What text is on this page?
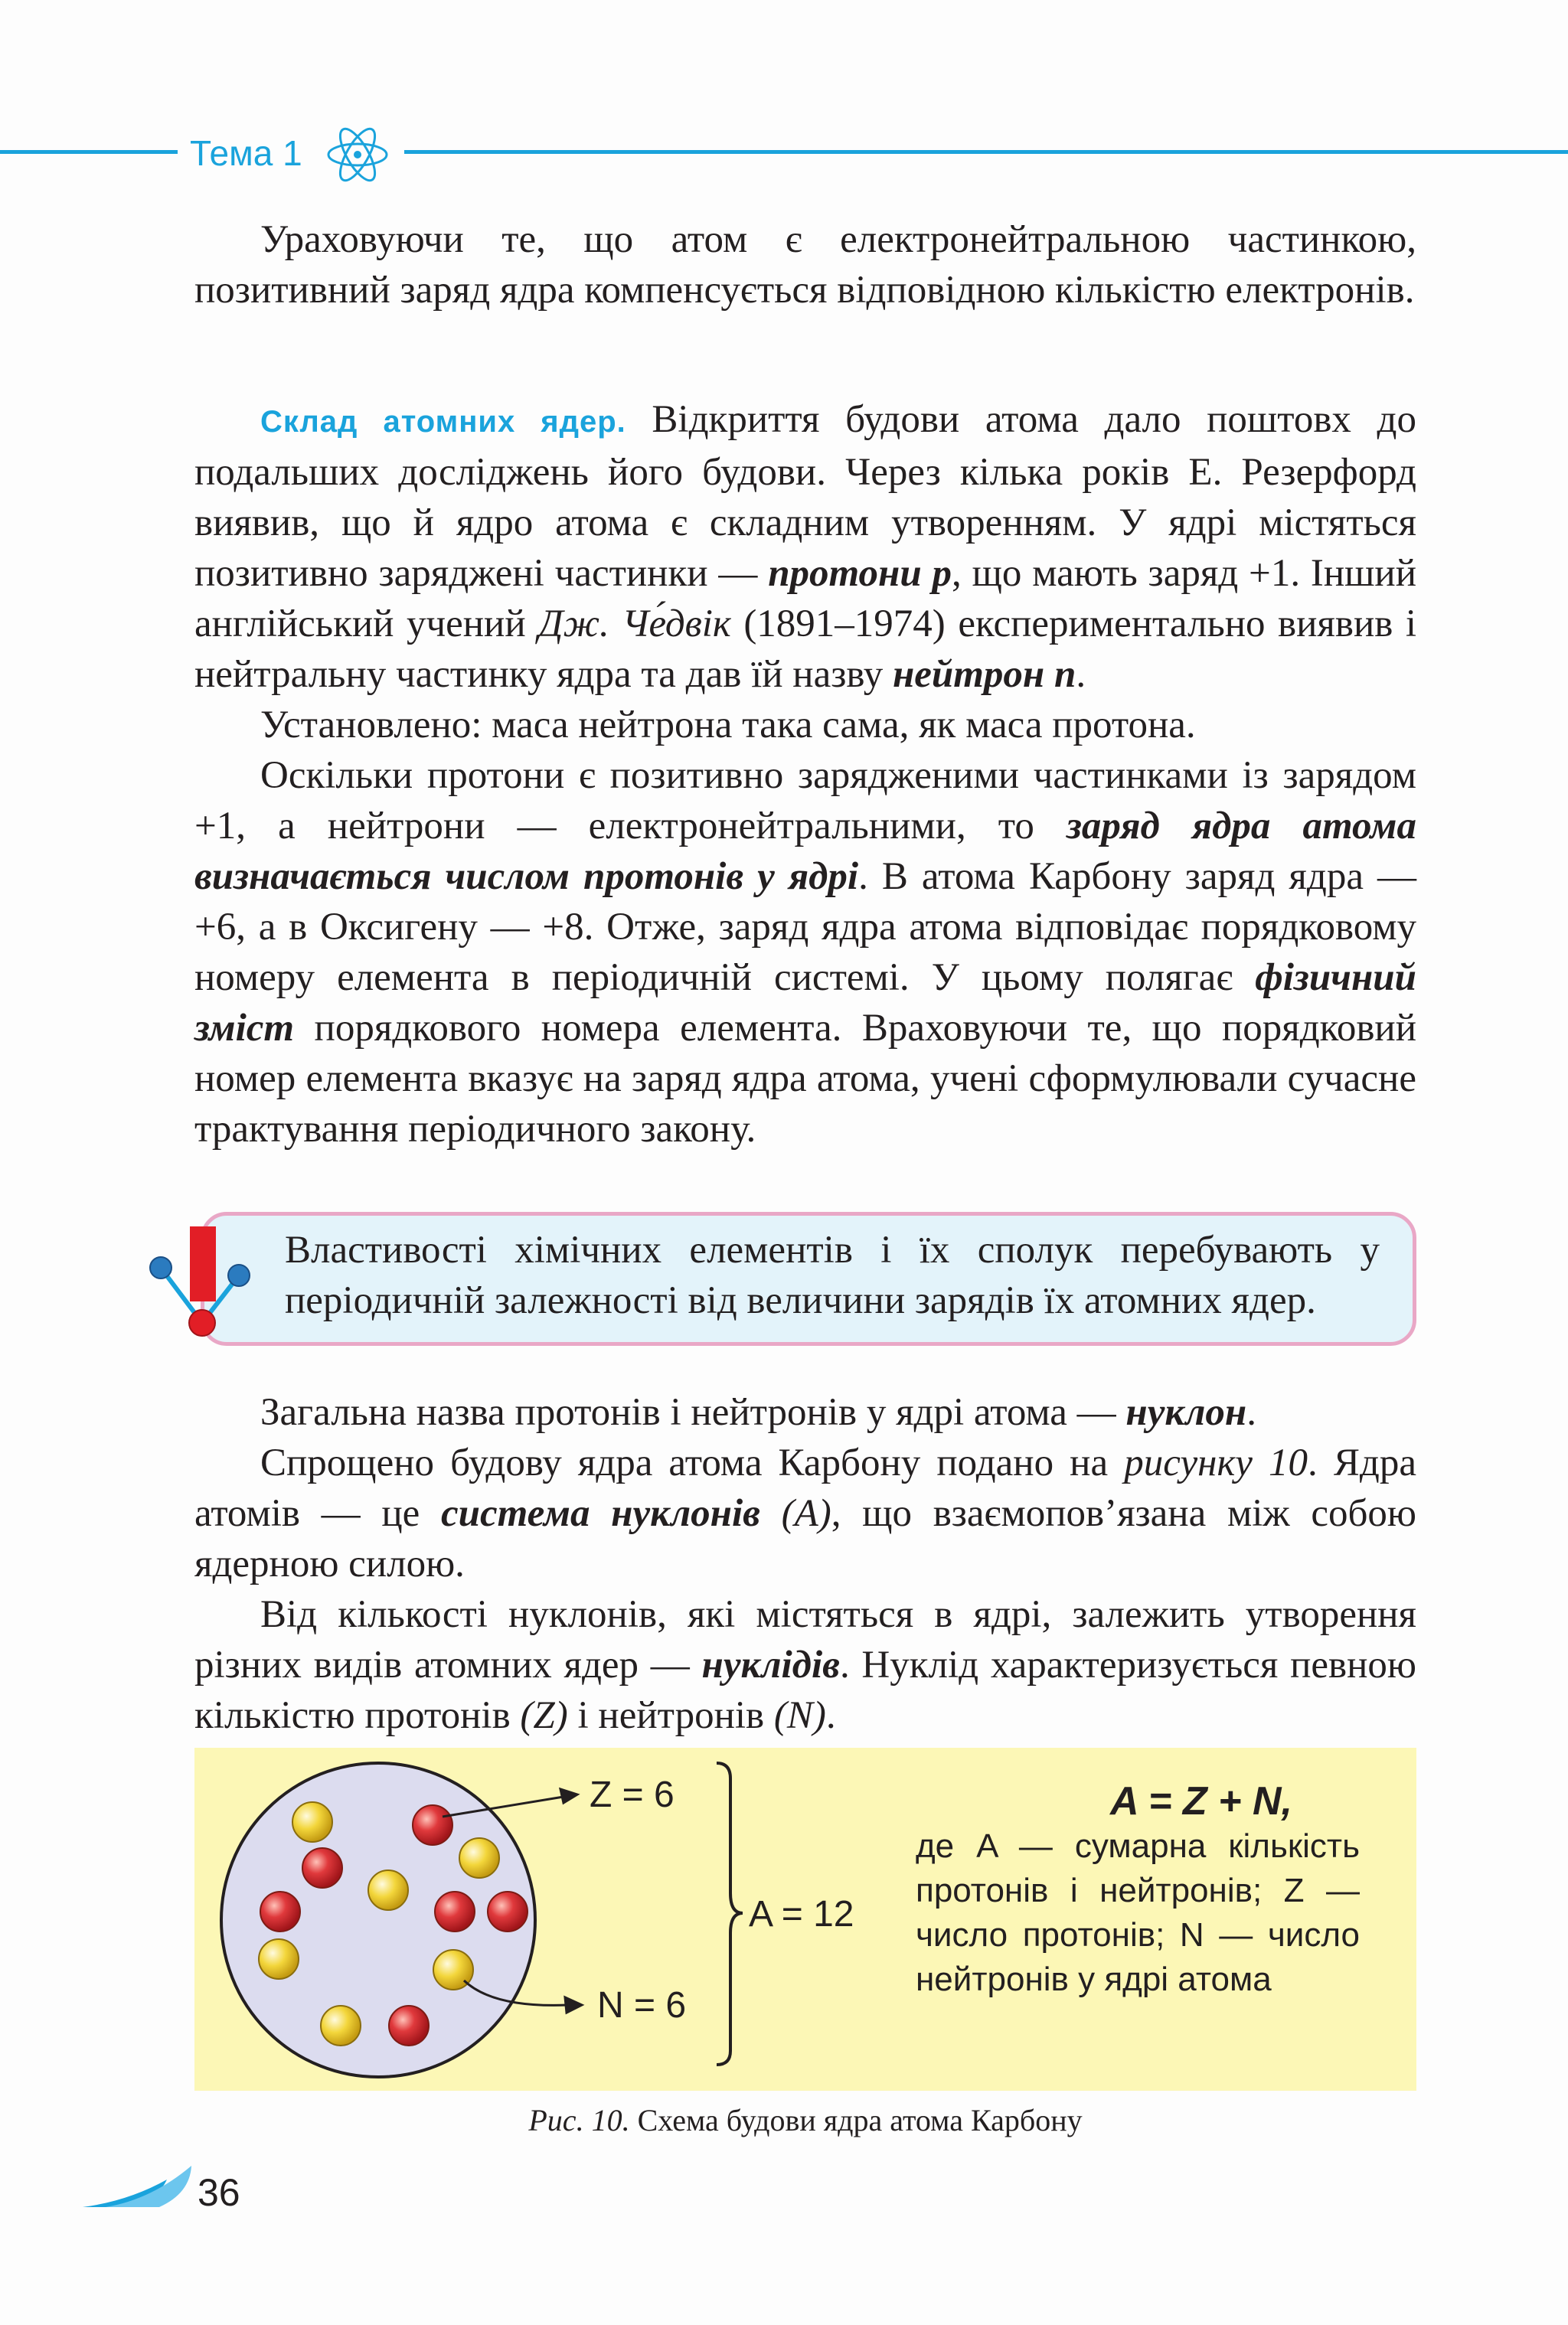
Тема 1

Ураховуючи те, що атом є електронейтральною частинкою, позитивний заряд ядра компенсується відповідною кількістю електронів.

Склад атомних ядер. Відкриття будови атома дало поштовх до подальших досліджень його будови. Через кілька років Е. Резерфорд виявив, що й ядро атома є складним утворенням. У ядрі містяться позитивно заряджені частинки — протони p, що мають заряд +1. Інший англійський учений Дж. Че́двік (1891–1974) експериментально виявив і нейтральну частинку ядра та дав їй назву нейтрон n.

Установлено: маса нейтрона така сама, як маса протона.

Оскільки протони є позитивно зарядженими частинками із зарядом +1, а нейтрони — електронейтральними, то заряд ядра атома визначається числом протонів у ядрі. В атома Карбону заряд ядра — +6, а в Оксигену — +8. Отже, заряд ядра атома відповідає порядковому номеру елемента в періодичній системі. У цьому полягає фізичний зміст порядкового номера елемента. Враховуючи те, що порядковий номер елемента вказує на заряд ядра атома, учені сформулювали сучасне трактування періодичного закону.

Властивості хімічних елементів і їх сполук перебувають у періодичній залежності від величини зарядів їх атомних ядер.

Загальна назва протонів і нейтронів у ядрі атома — нуклон.

Спрощено будову ядра атома Карбону подано на рисунку 10. Ядра атомів — це система нуклонів (A), що взаємопов’язана між собою ядерною силою.

Від кількості нуклонів, які містяться в ядрі, залежить утворення різних видів атомних ядер — нуклідів. Нуклід характеризується певною кількістю протонів (Z) і нейтронів (N).

Z = 6
N = 6
A = 12
A = Z + N,
де A — сумарна кількість протонів і нейтронів; Z — число протонів; N — число нейтронів у ядрі атома
Рис. 10. Схема будови ядра атома Карбону
36
